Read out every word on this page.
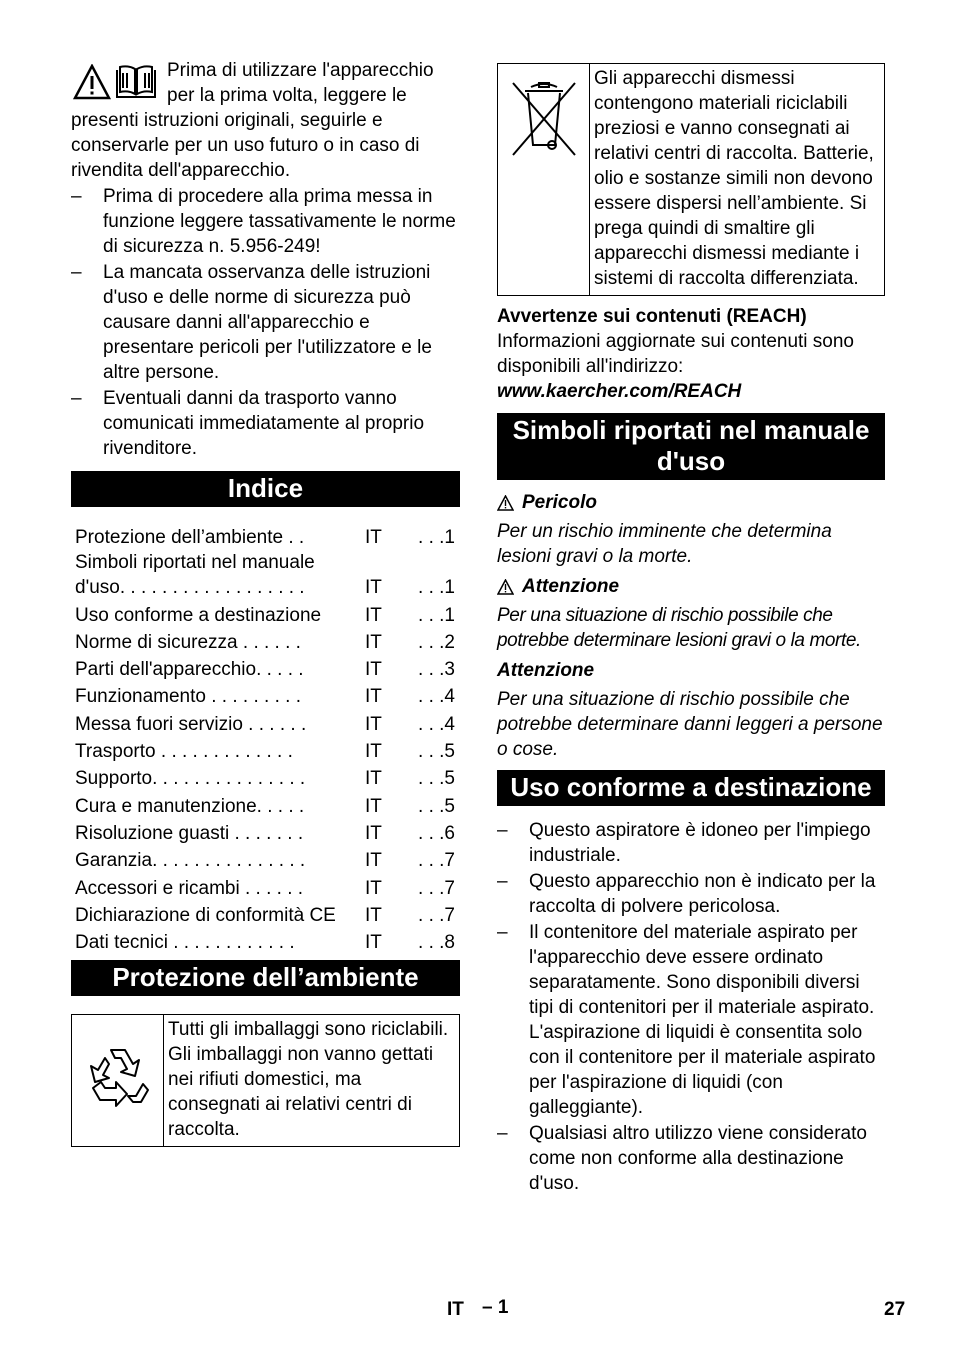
Prima di utilizzare l'apparecchio per la prima volta, leggere le presenti istruzioni originali, seguirle e conservarle per un uso futuro o in caso di rivendita dell'apparecchio.

– Prima di procedere alla prima messa in funzione leggere tassativamente le norme di sicurezza n. 5.956-249!
– La mancata osservanza delle istruzioni d'uso e delle norme di sicurezza può causare danni all'apparecchio e presentare pericoli per l'utilizzatore e le altre persone.
– Eventuali danni da trasporto vanno comunicati immediatamente al proprio rivenditore.
Indice
Protezione dell’ambiente . .	IT	. . .1
Simboli riportati nel manuale
d'uso. . . . . . . . . . . . . . . . . .	IT	. . .1
Uso conforme a destinazione	IT	. . .1
Norme di sicurezza . . . . . .	IT	. . .2
Parti dell'apparecchio. . . . .	IT	. . .3
Funzionamento . . . . . . . . .	IT	. . .4
Messa fuori servizio . . . . . .	IT	. . .4
Trasporto . . . . . . . . . . . . .	IT	. . .5
Supporto. . . . . . . . . . . . . . .	IT	. . .5
Cura e manutenzione. . . . .	IT	. . .5
Risoluzione guasti . . . . . . .	IT	. . .6
Garanzia. . . . . . . . . . . . . . .	IT	. . .7
Accessori e ricambi . . . . . .	IT	. . .7
Dichiarazione di conformità CE	IT	. . .7
Dati tecnici . . . . . . . . . . . .	IT	. . .8
Protezione dell’ambiente
	Tutti gli imballaggi sono riciclabili. Gli imballaggi non vanno gettati nei rifiuti domestici, ma consegnati ai relativi centri di raccolta.
	Gli apparecchi dismessi contengono materiali riciclabili preziosi e vanno consegnati ai relativi centri di raccolta. Batterie, olio e sostanze simili non devono essere dispersi nell’ambiente. Si prega quindi di smaltire gli apparecchi dismessi mediante i sistemi di raccolta differenziata.

Avvertenze sui contenuti (REACH)

Informazioni aggiornate sui contenuti sono disponibili all'indirizzo:

www.kaercher.com/REACH

Simboli riportati nel manuale d'uso
Pericolo

Per un rischio imminente che determina lesioni gravi o la morte.

Attenzione

Per una situazione di rischio possibile che potrebbe determinare lesioni gravi o la morte.

Attenzione

Per una situazione di rischio possibile che potrebbe determinare danni leggeri a persone o cose.

Uso conforme a destinazione
– Questo aspiratore è idoneo per l'impiego industriale.
– Questo apparecchio non è indicato per la raccolta di polvere pericolosa.
– Il contenitore del materiale aspirato per l'apparecchio deve essere ordinato separatamente. Sono disponibili diversi tipi di contenitori per il materiale aspirato. L'aspirazione di liquidi è consentita solo con il contenitore per il materiale aspirato per l'aspirazione di liquidi (con galleggiante).
– Qualsiasi altro utilizzo viene considerato come non conforme alla destinazione d'uso.
IT – 1	27
